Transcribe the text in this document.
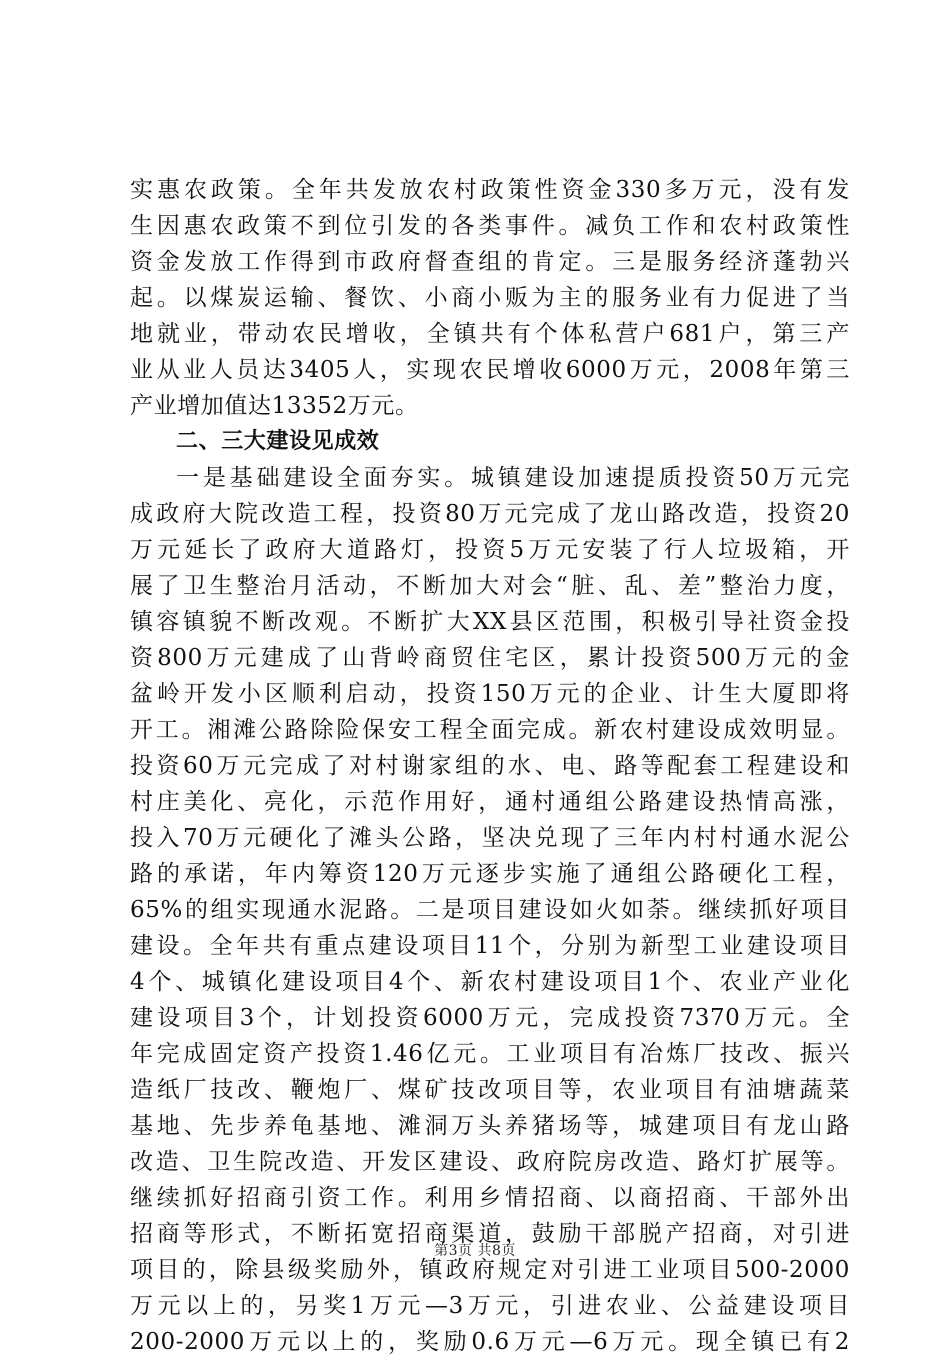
实惠农政策。全年共发放农村政策性资金330多万元，没有发
生因惠农政策不到位引发的各类事件。减负工作和农村政策性
资金发放工作得到市政府督查组的肯定。三是服务经济蓬勃兴
起。以煤炭运输、餐饮、小商小贩为主的服务业有力促进了当
地就业，带动农民增收，全镇共有个体私营户681户，第三产
业从业人员达3405人，实现农民增收6000万元，2008年第三
产业增加值达13352万元。
二、三大建设见成效
一是基础建设全面夯实。城镇建设加速提质投资50万元完
成政府大院改造工程，投资80万元完成了龙山路改造，投资20
万元延长了政府大道路灯，投资5万元安装了行人垃圾箱，开
展了卫生整治月活动，不断加大对会“脏、乱、差”整治力度，
镇容镇貌不断改观。不断扩大XX县区范围，积极引导社资金投
资800万元建成了山背岭商贸住宅区，累计投资500万元的金
盆岭开发小区顺利启动，投资150万元的企业、计生大厦即将
开工。湘滩公路除险保安工程全面完成。新农村建设成效明显。
投资60万元完成了对村谢家组的水、电、路等配套工程建设和
村庄美化、亮化，示范作用好，通村通组公路建设热情高涨，
投入70万元硬化了滩头公路，坚决兑现了三年内村村通水泥公
路的承诺，年内筹资120万元逐步实施了通组公路硬化工程，
65%的组实现通水泥路。二是项目建设如火如荼。继续抓好项目
建设。全年共有重点建设项目11个，分别为新型工业建设项目
4个、城镇化建设项目4个、新农村建设项目1个、农业产业化
建设项目3个，计划投资6000万元，完成投资7370万元。全
年完成固定资产投资1.46亿元。工业项目有冶炼厂技改、振兴
造纸厂技改、鞭炮厂、煤矿技改项目等，农业项目有油塘蔬菜
基地、先步养龟基地、滩洞万头养猪场等，城建项目有龙山路
改造、卫生院改造、开发区建设、政府院房改造、路灯扩展等。
继续抓好招商引资工作。利用乡情招商、以商招商、干部外出
招商等形式，不断拓宽招商渠道，鼓励干部脱产招商，对引进
项目的，除县级奖励外，镇政府规定对引进工业项目500-2000
万元以上的，另奖1万元—3万元，引进农业、公益建设项目
200-2000万元以上的，奖励0.6万元—6万元。现全镇已有2
第3页 共8页
